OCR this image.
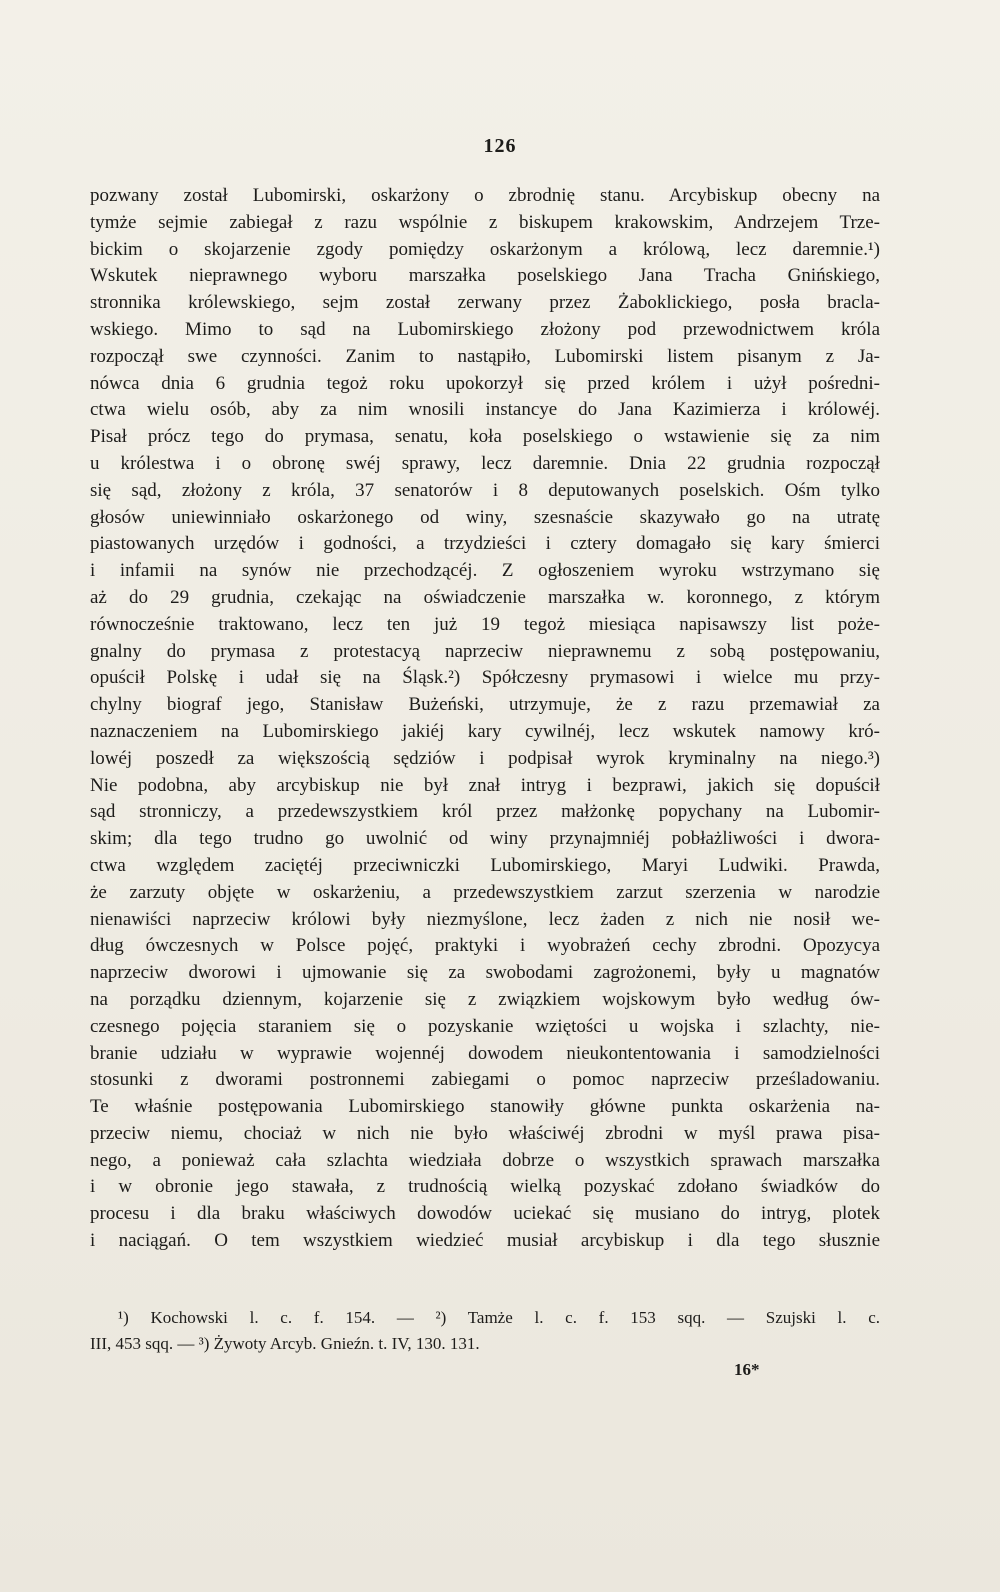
126
pozwany został Lubomirski, oskarżony o zbrodnię stanu. Arcybiskup obecny na
tymże sejmie zabiegał z razu wspólnie z biskupem krakowskim, Andrzejem Trze-
bickim o skojarzenie zgody pomiędzy oskarżonym a królową, lecz daremnie.¹)
Wskutek nieprawnego wyboru marszałka poselskiego Jana Tracha Gnińskiego,
stronnika królewskiego, sejm został zerwany przez Żaboklickiego, posła bracla-
wskiego. Mimo to sąd na Lubomirskiego złożony pod przewodnictwem króla
rozpoczął swe czynności. Zanim to nastąpiło, Lubomirski listem pisanym z Ja-
nówca dnia 6 grudnia tegoż roku upokorzył się przed królem i użył pośredni-
ctwa wielu osób, aby za nim wnosili instancye do Jana Kazimierza i królowéj.
Pisał prócz tego do prymasa, senatu, koła poselskiego o wstawienie się za nim
u królestwa i o obronę swéj sprawy, lecz daremnie. Dnia 22 grudnia rozpoczął
się sąd, złożony z króla, 37 senatorów i 8 deputowanych poselskich. Ośm tylko
głosów uniewinniało oskarżonego od winy, szesnaście skazywało go na utratę
piastowanych urzędów i godności, a trzydzieści i cztery domagało się kary śmierci
i infamii na synów nie przechodzącéj. Z ogłoszeniem wyroku wstrzymano się
aż do 29 grudnia, czekając na oświadczenie marszałka w. koronnego, z którym
równocześnie traktowano, lecz ten już 19 tegoż miesiąca napisawszy list poże-
gnalny do prymasa z protestacyą naprzeciw nieprawnemu z sobą postępowaniu,
opuścił Polskę i udał się na Śląsk.²) Spółczesny prymasowi i wielce mu przy-
chylny biograf jego, Stanisław Bużeński, utrzymuje, że z razu przemawiał za
naznaczeniem na Lubomirskiego jakiéj kary cywilnéj, lecz wskutek namowy kró-
lowéj poszedł za większością sędziów i podpisał wyrok kryminalny na niego.³)
Nie podobna, aby arcybiskup nie był znał intryg i bezprawi, jakich się dopuścił
sąd stronniczy, a przedewszystkiem król przez małżonkę popychany na Lubomir-
skim; dla tego trudno go uwolnić od winy przynajmniéj pobłażliwości i dwora-
ctwa względem zaciętéj przeciwniczki Lubomirskiego, Maryi Ludwiki. Prawda,
że zarzuty objęte w oskarżeniu, a przedewszystkiem zarzut szerzenia w narodzie
nienawiści naprzeciw królowi były niezmyślone, lecz żaden z nich nie nosił we-
dług ówczesnych w Polsce pojęć, praktyki i wyobrażeń cechy zbrodni. Opozycya
naprzeciw dworowi i ujmowanie się za swobodami zagrożonemi, były u magnatów
na porządku dziennym, kojarzenie się z związkiem wojskowym było według ów-
czesnego pojęcia staraniem się o pozyskanie wziętości u wojska i szlachty, nie-
branie udziału w wyprawie wojennéj dowodem nieukontentowania i samodzielności
stosunki z dworami postronnemi zabiegami o pomoc naprzeciw prześladowaniu.
Te właśnie postępowania Lubomirskiego stanowiły główne punkta oskarżenia na-
przeciw niemu, chociaż w nich nie było właściwéj zbrodni w myśl prawa pisa-
nego, a ponieważ cała szlachta wiedziała dobrze o wszystkich sprawach marszałka
i w obronie jego stawała, z trudnością wielką pozyskać zdołano świadków do
procesu i dla braku właściwych dowodów uciekać się musiano do intryg, plotek
i naciągań. O tem wszystkiem wiedzieć musiał arcybiskup i dla tego słusznie
¹) Kochowski l. c. f. 154. — ²) Tamże l. c. f. 153 sqq. — Szujski l. c.
III, 453 sqq. — ³) Żywoty Arcyb. Gnieźn. t. IV, 130. 131.
16*
